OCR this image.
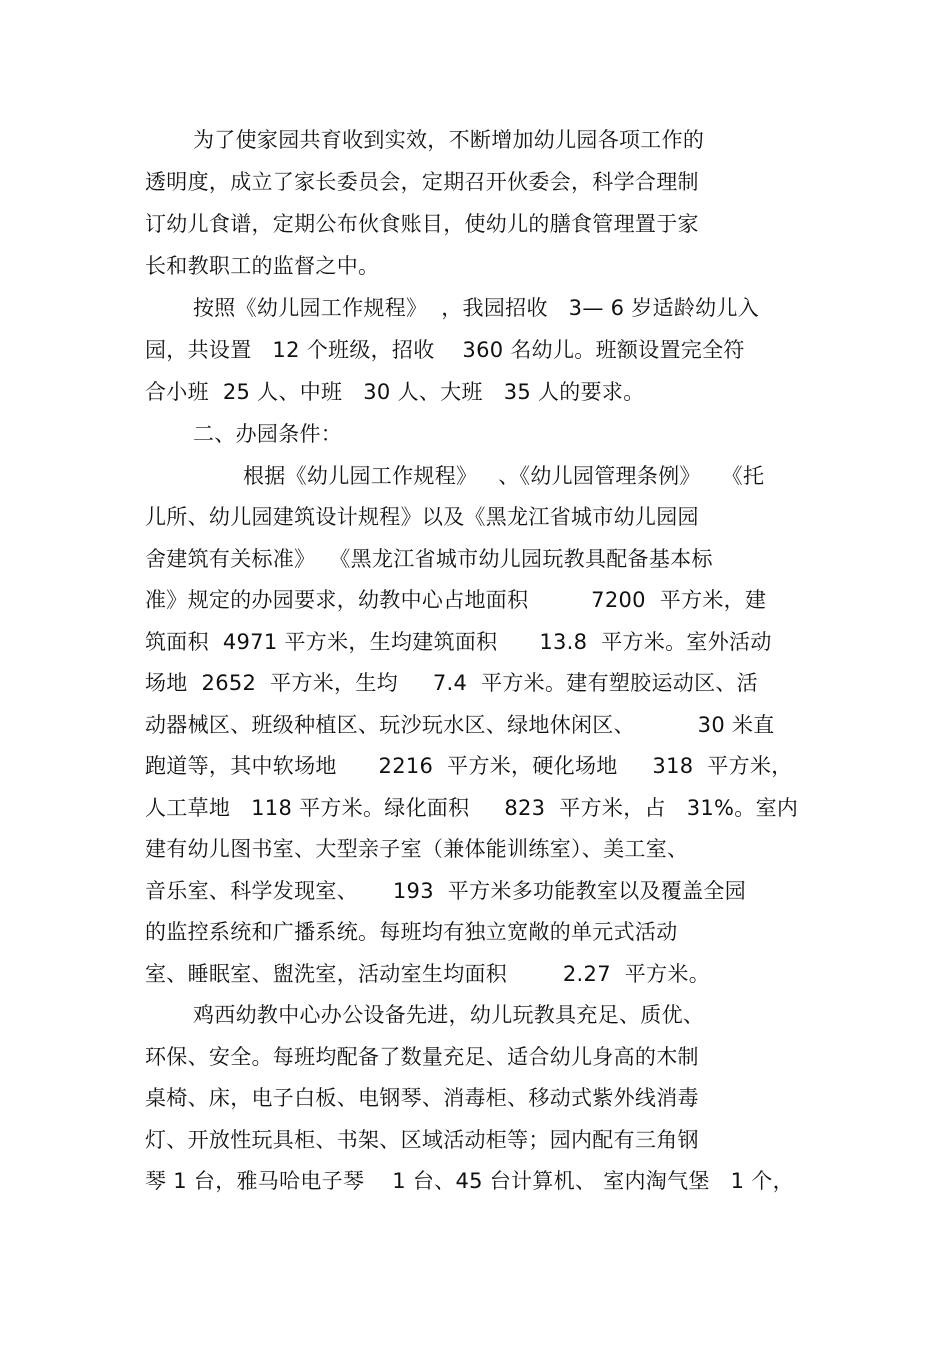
为了使家园共育收到实效，不断增加幼儿园各项工作的
透明度，成立了家长委员会，定期召开伙委会，科学合理制
订幼儿食谱，定期公布伙食账目，使幼儿的膳食管理置于家
长和教职工的监督之中。
按照《幼儿园工作规程》  ，我园招收   3— 6 岁适龄幼儿入
园，共设置   12 个班级，招收    360 名幼儿。班额设置完全符
合小班  25 人、中班   30 人、大班   35 人的要求。
二、办园条件：
根据《幼儿园工作规程》   、《幼儿园管理条例》   《托
儿所、幼儿园建筑设计规程》以及《黑龙江省城市幼儿园园
舍建筑有关标准》  《黑龙江省城市幼儿园玩教具配备基本标
准》规定的办园要求，幼教中心占地面积         7200  平方米，建
筑面积  4971 平方米，生均建筑面积      13.8  平方米。室外活动
场地  2652  平方米，生均     7.4  平方米。建有塑胶运动区、活
动器械区、班级种植区、玩沙玩水区、绿地休闲区、         30 米直
跑道等，其中软场地      2216  平方米，硬化场地     318  平方米，
人工草地   118 平方米。绿化面积     823  平方米，占   31%。室内
建有幼儿图书室、大型亲子室（兼体能训练室）、美工室、
音乐室、科学发现室、     193  平方米多功能教室以及覆盖全园
的监控系统和广播系统。每班均有独立宽敞的单元式活动
室、睡眠室、盥洗室，活动室生均面积        2.27  平方米。
鸡西幼教中心办公设备先进，幼儿玩教具充足、质优、
环保、安全。每班均配备了数量充足、适合幼儿身高的木制
桌椅、床，电子白板、电钢琴、消毒柜、移动式紫外线消毒
灯、开放性玩具柜、书架、区域活动柜等；园内配有三角钢
琴 1 台，雅马哈电子琴    1 台、45 台计算机、 室内淘气堡   1 个，
